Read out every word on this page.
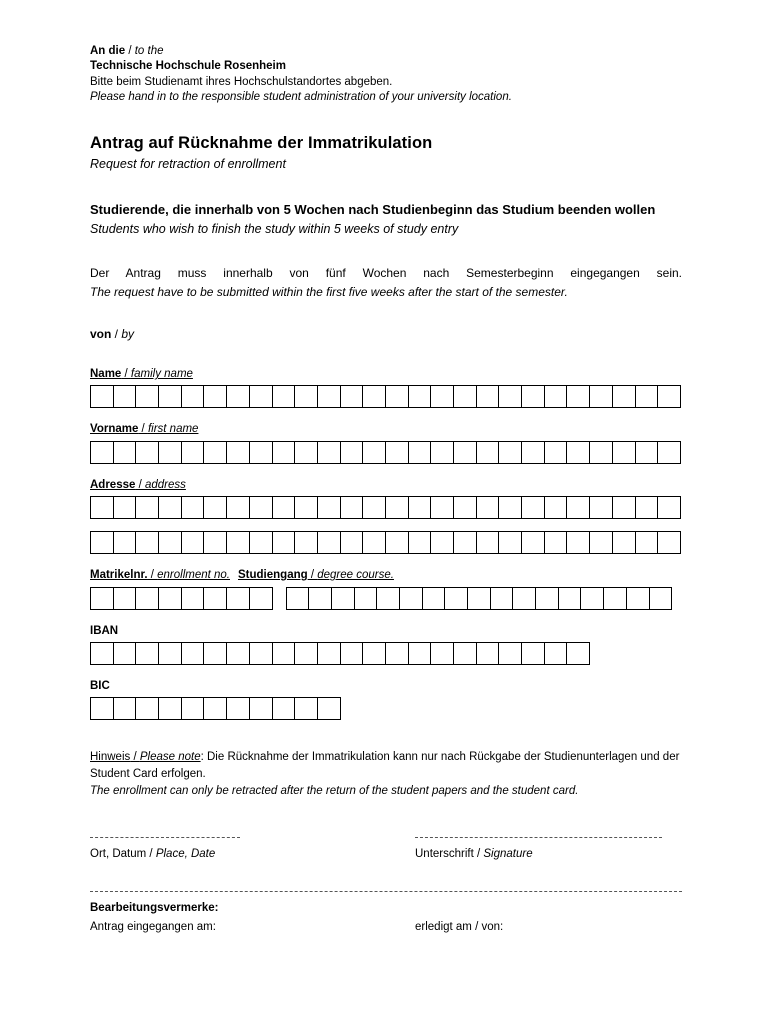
An die / to the
Technische Hochschule Rosenheim
Bitte beim Studienamt ihres Hochschulstandortes abgeben.
Please hand in to the responsible student administration of your university location.
Antrag auf Rücknahme der Immatrikulation
Request for retraction of enrollment

Studierende, die innerhalb von 5 Wochen nach Studienbeginn das Studium beenden wollen

Students who wish to finish the study within 5 weeks of study entry

Der Antrag muss innerhalb von fünf Wochen nach Semesterbeginn eingegangen sein.

The request have to be submitted within the first five weeks after the start of the semester.

von / by
Name / family name
Vorname / first name
Adresse / address
Matrikelnr. / enrollment no. Studiengang / degree course.
IBAN
BIC

Hinweis / Please note: Die Rücknahme der Immatrikulation kann nur nach Rückgabe der Studienunterlagen und der Student Card erfolgen.

The enrollment can only be retracted after the return of the student papers and the student card.

Ort, Datum / Place, Date	Unterschrift / Signature
Bearbeitungsvermerke:
Antrag eingegangen am:	erledigt am / von:
